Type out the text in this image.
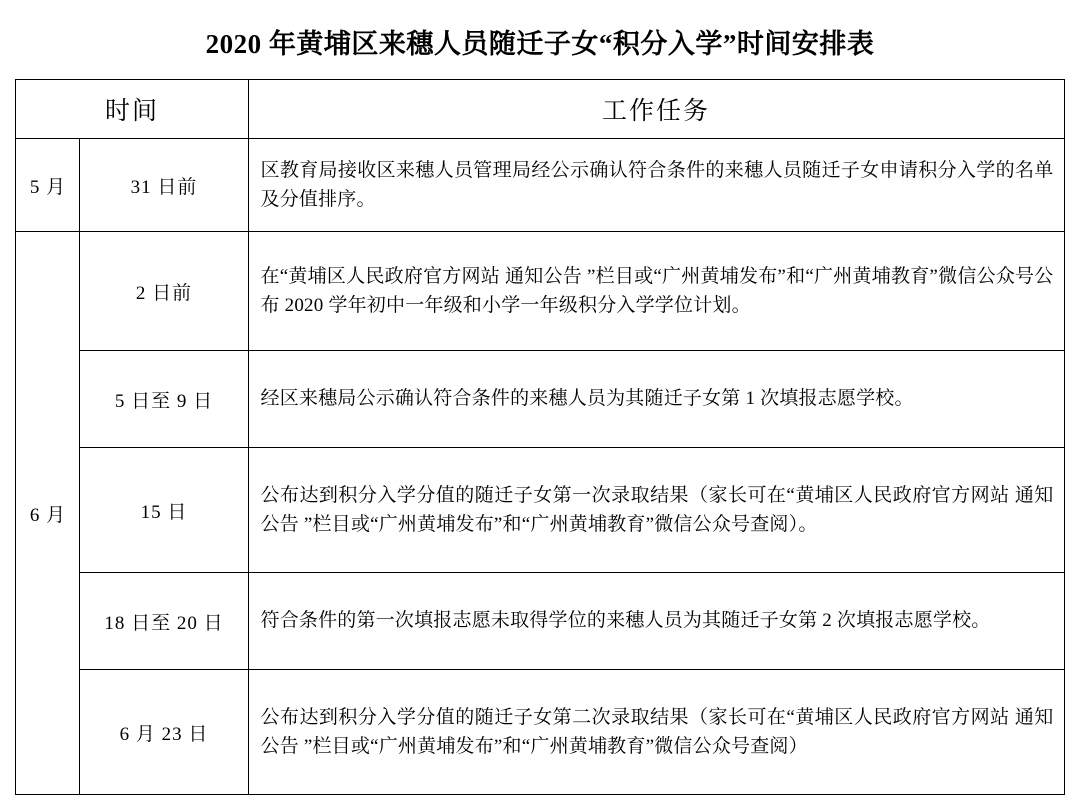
2020 年黄埔区来穗人员随迁子女“积分入学”时间安排表
时间		工作任务
5 月	31 日前	区教育局接收区来穗人员管理局经公示确认符合条件的来穗人员随迁子女申请积分入学的名单及分值排序。
6 月	2 日前	在“黄埔区人民政府官方网站 通知公告 ”栏目或“广州黄埔发布”和“广州黄埔教育”微信公众号公布 2020 学年初中一年级和小学一年级积分入学学位计划。
	5 日至 9 日	经区来穗局公示确认符合条件的来穗人员为其随迁子女第 1 次填报志愿学校。
	15 日	公布达到积分入学分值的随迁子女第一次录取结果（家长可在“黄埔区人民政府官方网站 通知公告 ”栏目或“广州黄埔发布”和“广州黄埔教育”微信公众号查阅）。
	18 日至 20 日	符合条件的第一次填报志愿未取得学位的来穗人员为其随迁子女第 2 次填报志愿学校。
	6 月 23 日	公布达到积分入学分值的随迁子女第二次录取结果（家长可在“黄埔区人民政府官方网站 通知公告 ”栏目或“广州黄埔发布”和“广州黄埔教育”微信公众号查阅）
